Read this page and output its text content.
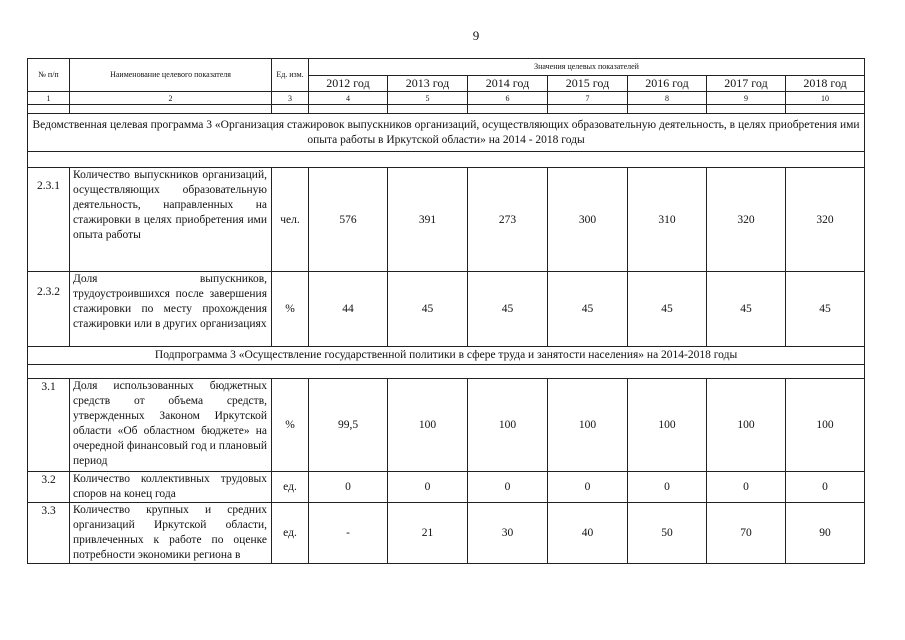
9
№ п/п	Наименование целевого показателя	Ед. изм.	Значения целевых показателей						
			2012 год	2013 год	2014 год	2015 год	2016 год	2017 год	2018 год
1	2	3	4	5	6	7	8	9	10

Ведомственная целевая программа 3 «Организация стажировок выпускников организаций, осуществляющих образовательную деятельность, в целях приобретения ими опыта работы в Иркутской области» на 2014 - 2018 годы									

2.3.1	Количество выпускников организаций, осуществляющих образовательную деятельность, направленных на стажировки в целях приобретения ими опыта работы	чел.	576	391	273	300	310	320	320
2.3.2	Доля выпускников, трудоустроившихся после завершения стажировки по месту прохождения стажировки или в других организациях	%	44	45	45	45	45	45	45
Подпрограмма 3 «Осуществление государственной политики в сфере труда и занятости населения» на 2014-2018 годы									

3.1	Доля использованных бюджетных средств от объема средств, утвержденных Законом Иркутской области «Об областном бюджете» на очередной финансовый год и плановый период	%	99,5	100	100	100	100	100	100
3.2	Количество коллективных трудовых споров на конец года	ед.	0	0	0	0	0	0	0
3.3	Количество крупных и средних организаций Иркутской области, привлеченных к работе по оценке потребности экономики региона в	ед.	-	21	30	40	50	70	90
